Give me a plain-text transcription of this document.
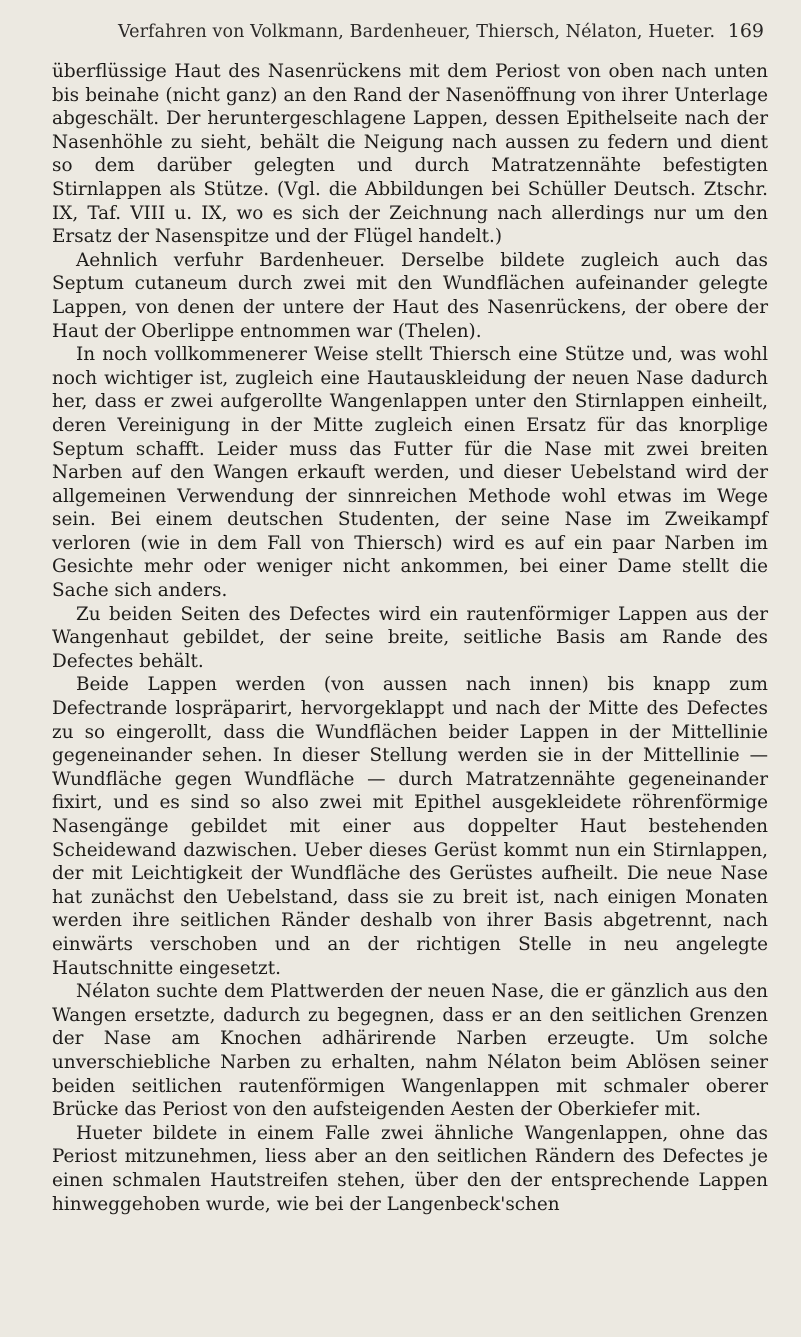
Verfahren von Volkmann, Bardenheuer, Thiersch, Nélaton, Hueter. 169

überflüssige Haut des Nasenrückens mit dem Periost von oben nach unten bis beinahe (nicht ganz) an den Rand der Nasenöffnung von ihrer Unterlage abgeschält. Der heruntergeschlagene Lappen, dessen Epithelseite nach der Nasenhöhle zu sieht, behält die Neigung nach aussen zu federn und dient so dem darüber gelegten und durch Matratzennähte befestigten Stirnlappen als Stütze. (Vgl. die Abbildungen bei Schüller Deutsch. Ztschr. IX, Taf. VIII u. IX, wo es sich der Zeichnung nach allerdings nur um den Ersatz der Nasenspitze und der Flügel handelt.)

Aehnlich verfuhr Bardenheuer. Derselbe bildete zugleich auch das Septum cutaneum durch zwei mit den Wundflächen aufeinander gelegte Lappen, von denen der untere der Haut des Nasenrückens, der obere der Haut der Oberlippe entnommen war (Thelen).

In noch vollkommenerer Weise stellt Thiersch eine Stütze und, was wohl noch wichtiger ist, zugleich eine Hautauskleidung der neuen Nase dadurch her, dass er zwei aufgerollte Wangenlappen unter den Stirnlappen einheilt, deren Vereinigung in der Mitte zugleich einen Ersatz für das knorplige Septum schafft. Leider muss das Futter für die Nase mit zwei breiten Narben auf den Wangen erkauft werden, und dieser Uebelstand wird der allgemeinen Verwendung der sinnreichen Methode wohl etwas im Wege sein. Bei einem deutschen Studenten, der seine Nase im Zweikampf verloren (wie in dem Fall von Thiersch) wird es auf ein paar Narben im Gesichte mehr oder weniger nicht ankommen, bei einer Dame stellt die Sache sich anders.

Zu beiden Seiten des Defectes wird ein rautenförmiger Lappen aus der Wangenhaut gebildet, der seine breite, seitliche Basis am Rande des Defectes behält.

Beide Lappen werden (von aussen nach innen) bis knapp zum Defectrande lospräparirt, hervorgeklappt und nach der Mitte des Defectes zu so eingerollt, dass die Wundflächen beider Lappen in der Mittellinie gegeneinander sehen. In dieser Stellung werden sie in der Mittellinie — Wundfläche gegen Wundfläche — durch Matratzennähte gegeneinander fixirt, und es sind so also zwei mit Epithel ausgekleidete röhrenförmige Nasengänge gebildet mit einer aus doppelter Haut bestehenden Scheidewand dazwischen. Ueber dieses Gerüst kommt nun ein Stirnlappen, der mit Leichtigkeit der Wundfläche des Gerüstes aufheilt. Die neue Nase hat zunächst den Uebelstand, dass sie zu breit ist, nach einigen Monaten werden ihre seitlichen Ränder deshalb von ihrer Basis abgetrennt, nach einwärts verschoben und an der richtigen Stelle in neu angelegte Hautschnitte eingesetzt.

Nélaton suchte dem Plattwerden der neuen Nase, die er gänzlich aus den Wangen ersetzte, dadurch zu begegnen, dass er an den seitlichen Grenzen der Nase am Knochen adhärirende Narben erzeugte. Um solche unverschiebliche Narben zu erhalten, nahm Nélaton beim Ablösen seiner beiden seitlichen rautenförmigen Wangenlappen mit schmaler oberer Brücke das Periost von den aufsteigenden Aesten der Oberkiefer mit.

Hueter bildete in einem Falle zwei ähnliche Wangenlappen, ohne das Periost mitzunehmen, liess aber an den seitlichen Rändern des Defectes je einen schmalen Hautstreifen stehen, über den der entsprechende Lappen hinweggehoben wurde, wie bei der Langenbeck'schen
